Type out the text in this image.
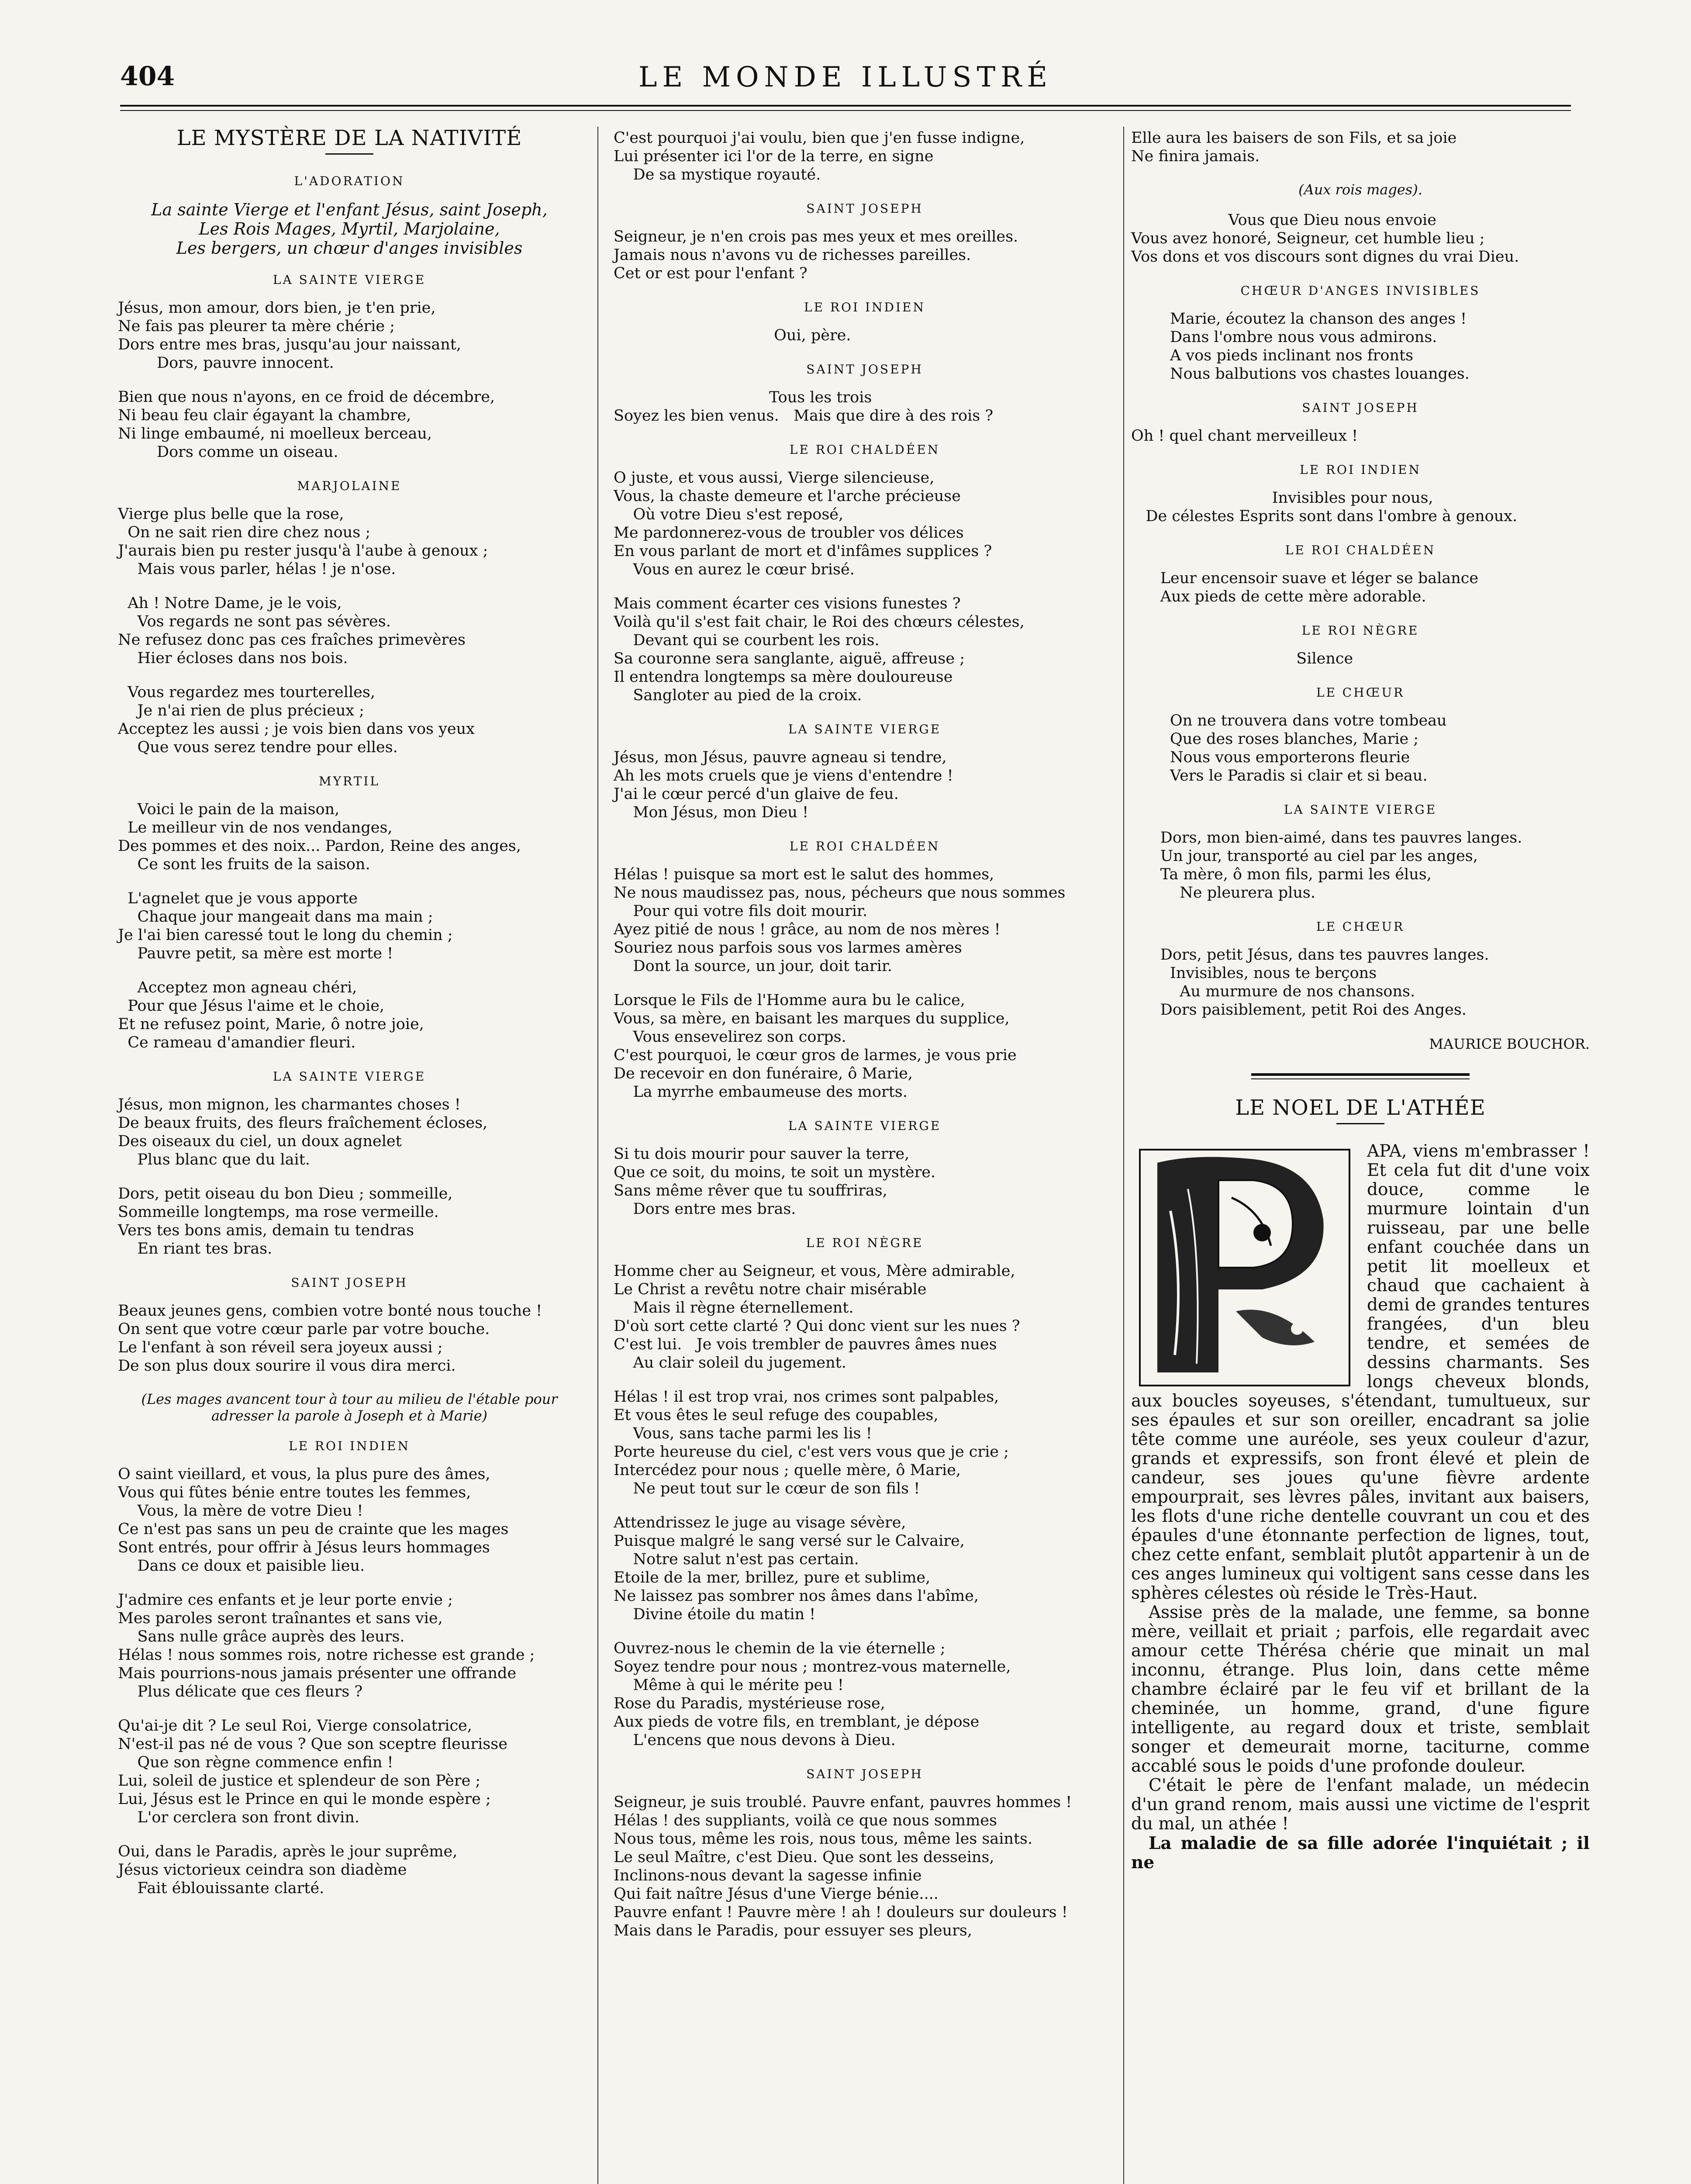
404	LE MONDE ILLUSTRÉ
LE MYSTÈRE DE LA NATIVITÉ
L'ADORATION
La sainte Vierge et l'enfant Jésus, saint Joseph,
Les Rois Mages, Myrtil, Marjolaine,
Les bergers, un chœur d'anges invisibles
LA SAINTE VIERGE
Jésus, mon amour, dors bien, je t'en prie,
Ne fais pas pleurer ta mère chérie ;
Dors entre mes bras, jusqu'au jour naissant,
Dors, pauvre innocent.
Bien que nous n'ayons, en ce froid de décembre,
Ni beau feu clair égayant la chambre,
Ni linge embaumé, ni moelleux berceau,
Dors comme un oiseau.
MARJOLAINE
Vierge plus belle que la rose,
On ne sait rien dire chez nous ;
J'aurais bien pu rester jusqu'à l'aube à genoux ;
Mais vous parler, hélas ! je n'ose.
Ah ! Notre Dame, je le vois,
Vos regards ne sont pas sévères.
Ne refusez donc pas ces fraîches primevères
Hier écloses dans nos bois.
Vous regardez mes tourterelles,
Je n'ai rien de plus précieux ;
Acceptez les aussi ; je vois bien dans vos yeux
Que vous serez tendre pour elles.
MYRTIL
Voici le pain de la maison,
Le meilleur vin de nos vendanges,
Des pommes et des noix... Pardon, Reine des anges,
Ce sont les fruits de la saison.
L'agnelet que je vous apporte
Chaque jour mangeait dans ma main ;
Je l'ai bien caressé tout le long du chemin ;
Pauvre petit, sa mère est morte !
Acceptez mon agneau chéri,
Pour que Jésus l'aime et le choie,
Et ne refusez point, Marie, ô notre joie,
Ce rameau d'amandier fleuri.
LA SAINTE VIERGE
Jésus, mon mignon, les charmantes choses !
De beaux fruits, des fleurs fraîchement écloses,
Des oiseaux du ciel, un doux agnelet
Plus blanc que du lait.
Dors, petit oiseau du bon Dieu ; sommeille,
Sommeille longtemps, ma rose vermeille.
Vers tes bons amis, demain tu tendras
En riant tes bras.
SAINT JOSEPH
Beaux jeunes gens, combien votre bonté nous touche !
On sent que votre cœur parle par votre bouche.
Le l'enfant à son réveil sera joyeux aussi ;
De son plus doux sourire il vous dira merci.
(Les mages avancent tour à tour au milieu de l'étable pour adresser la parole à Joseph et à Marie)
LE ROI INDIEN
O saint vieillard, et vous, la plus pure des âmes,
Vous qui fûtes bénie entre toutes les femmes,
Vous, la mère de votre Dieu !
Ce n'est pas sans un peu de crainte que les mages
Sont entrés, pour offrir à Jésus leurs hommages
Dans ce doux et paisible lieu.
J'admire ces enfants et je leur porte envie ;
Mes paroles seront traînantes et sans vie,
Sans nulle grâce auprès des leurs.
Hélas ! nous sommes rois, notre richesse est grande ;
Mais pourrions-nous jamais présenter une offrande
Plus délicate que ces fleurs ?
Qu'ai-je dit ? Le seul Roi, Vierge consolatrice,
N'est-il pas né de vous ? Que son sceptre fleurisse
Que son règne commence enfin !
Lui, soleil de justice et splendeur de son Père ;
Lui, Jésus est le Prince en qui le monde espère ;
L'or cerclera son front divin.
Oui, dans le Paradis, après le jour suprême,
Jésus victorieux ceindra son diadème
Fait éblouissante clarté.
C'est pourquoi j'ai voulu, bien que j'en fusse indigne,
Lui présenter ici l'or de la terre, en signe
De sa mystique royauté.
SAINT JOSEPH
Seigneur, je n'en crois pas mes yeux et mes oreilles.
Jamais nous n'avons vu de richesses pareilles.
Cet or est pour l'enfant ?
LE ROI INDIEN
Oui, père.
SAINT JOSEPH
Tous les trois
Soyez les bien venus.   Mais que dire à des rois ?
LE ROI CHALDÉEN
O juste, et vous aussi, Vierge silencieuse,
Vous, la chaste demeure et l'arche précieuse
Où votre Dieu s'est reposé,
Me pardonnerez-vous de troubler vos délices
En vous parlant de mort et d'infâmes supplices ?
Vous en aurez le cœur brisé.
Mais comment écarter ces visions funestes ?
Voilà qu'il s'est fait chair, le Roi des chœurs célestes,
Devant qui se courbent les rois.
Sa couronne sera sanglante, aiguë, affreuse ;
Il entendra longtemps sa mère douloureuse
Sangloter au pied de la croix.
LA SAINTE VIERGE
Jésus, mon Jésus, pauvre agneau si tendre,
Ah les mots cruels que je viens d'entendre !
J'ai le cœur percé d'un glaive de feu.
Mon Jésus, mon Dieu !
LE ROI CHALDÉEN
Hélas ! puisque sa mort est le salut des hommes,
Ne nous maudissez pas, nous, pécheurs que nous sommes
Pour qui votre fils doit mourir.
Ayez pitié de nous ! grâce, au nom de nos mères !
Souriez nous parfois sous vos larmes amères
Dont la source, un jour, doit tarir.
Lorsque le Fils de l'Homme aura bu le calice,
Vous, sa mère, en baisant les marques du supplice,
Vous ensevelirez son corps.
C'est pourquoi, le cœur gros de larmes, je vous prie
De recevoir en don funéraire, ô Marie,
La myrrhe embaumeuse des morts.
LA SAINTE VIERGE
Si tu dois mourir pour sauver la terre,
Que ce soit, du moins, te soit un mystère.
Sans même rêver que tu souffriras,
Dors entre mes bras.
LE ROI NÈGRE
Homme cher au Seigneur, et vous, Mère admirable,
Le Christ a revêtu notre chair misérable
Mais il règne éternellement.
D'où sort cette clarté ? Qui donc vient sur les nues ?
C'est lui.   Je vois trembler de pauvres âmes nues
Au clair soleil du jugement.
Hélas ! il est trop vrai, nos crimes sont palpables,
Et vous êtes le seul refuge des coupables,
Vous, sans tache parmi les lis !
Porte heureuse du ciel, c'est vers vous que je crie ;
Intercédez pour nous ; quelle mère, ô Marie,
Ne peut tout sur le cœur de son fils !
Attendrissez le juge au visage sévère,
Puisque malgré le sang versé sur le Calvaire,
Notre salut n'est pas certain.
Etoile de la mer, brillez, pure et sublime,
Ne laissez pas sombrer nos âmes dans l'abîme,
Divine étoile du matin !
Ouvrez-nous le chemin de la vie éternelle ;
Soyez tendre pour nous ; montrez-vous maternelle,
Même à qui le mérite peu !
Rose du Paradis, mystérieuse rose,
Aux pieds de votre fils, en tremblant, je dépose
L'encens que nous devons à Dieu.
SAINT JOSEPH
Seigneur, je suis troublé. Pauvre enfant, pauvres hommes !
Hélas ! des suppliants, voilà ce que nous sommes
Nous tous, même les rois, nous tous, même les saints.
Le seul Maître, c'est Dieu. Que sont les desseins,
Inclinons-nous devant la sagesse infinie
Qui fait naître Jésus d'une Vierge bénie....
Pauvre enfant ! Pauvre mère ! ah ! douleurs sur douleurs !
Mais dans le Paradis, pour essuyer ses pleurs,
Elle aura les baisers de son Fils, et sa joie
Ne finira jamais.
(Aux rois mages).
Vous que Dieu nous envoie
Vous avez honoré, Seigneur, cet humble lieu ;
Vos dons et vos discours sont dignes du vrai Dieu.
CHŒUR D'ANGES INVISIBLES
Marie, écoutez la chanson des anges !
Dans l'ombre nous vous admirons.
A vos pieds inclinant nos fronts
Nous balbutions vos chastes louanges.
SAINT JOSEPH
Oh ! quel chant merveilleux !
LE ROI INDIEN
Invisibles pour nous,
De célestes Esprits sont dans l'ombre à genoux.
LE ROI CHALDÉEN
Leur encensoir suave et léger se balance
Aux pieds de cette mère adorable.
LE ROI NÈGRE
Silence
LE CHŒUR
On ne trouvera dans votre tombeau
Que des roses blanches, Marie ;
Nous vous emporterons fleurie
Vers le Paradis si clair et si beau.
LA SAINTE VIERGE
Dors, mon bien-aimé, dans tes pauvres langes.
Un jour, transporté au ciel par les anges,
Ta mère, ô mon fils, parmi les élus,
Ne pleurera plus.
LE CHŒUR
Dors, petit Jésus, dans tes pauvres langes.
Invisibles, nous te berçons
Au murmure de nos chansons.
Dors paisiblement, petit Roi des Anges.
MAURICE BOUCHOR.
LE NOEL DE L'ATHÉE

APA, viens m'embrasser ! Et cela fut dit d'une voix douce, comme le murmure lointain d'un ruisseau, par une belle enfant couchée dans un petit lit moelleux et chaud que cachaient à demi de grandes tentures frangées, d'un bleu tendre, et semées de dessins charmants. Ses longs cheveux blonds, aux boucles soyeuses, s'étendant, tumultueux, sur ses épaules et sur son oreiller, encadrant sa jolie tête comme une auréole, ses yeux couleur d'azur, grands et expressifs, son front élevé et plein de candeur, ses joues qu'une fièvre ardente empourprait, ses lèvres pâles, invitant aux baisers, les flots d'une riche dentelle couvrant un cou et des épaules d'une étonnante perfection de lignes, tout, chez cette enfant, semblait plutôt appartenir à un de ces anges lumineux qui voltigent sans cesse dans les sphères célestes où réside le Très-Haut.

Assise près de la malade, une femme, sa bonne mère, veillait et priait ; parfois, elle regardait avec amour cette Thérésa chérie que minait un mal inconnu, étrange. Plus loin, dans cette même chambre éclairé par le feu vif et brillant de la cheminée, un homme, grand, d'une figure intelligente, au regard doux et triste, semblait songer et demeurait morne, taciturne, comme accablé sous le poids d'une profonde douleur.

C'était le père de l'enfant malade, un médecin d'un grand renom, mais aussi une victime de l'esprit du mal, un athée !

La maladie de sa fille adorée l'inquiétait ; il ne
